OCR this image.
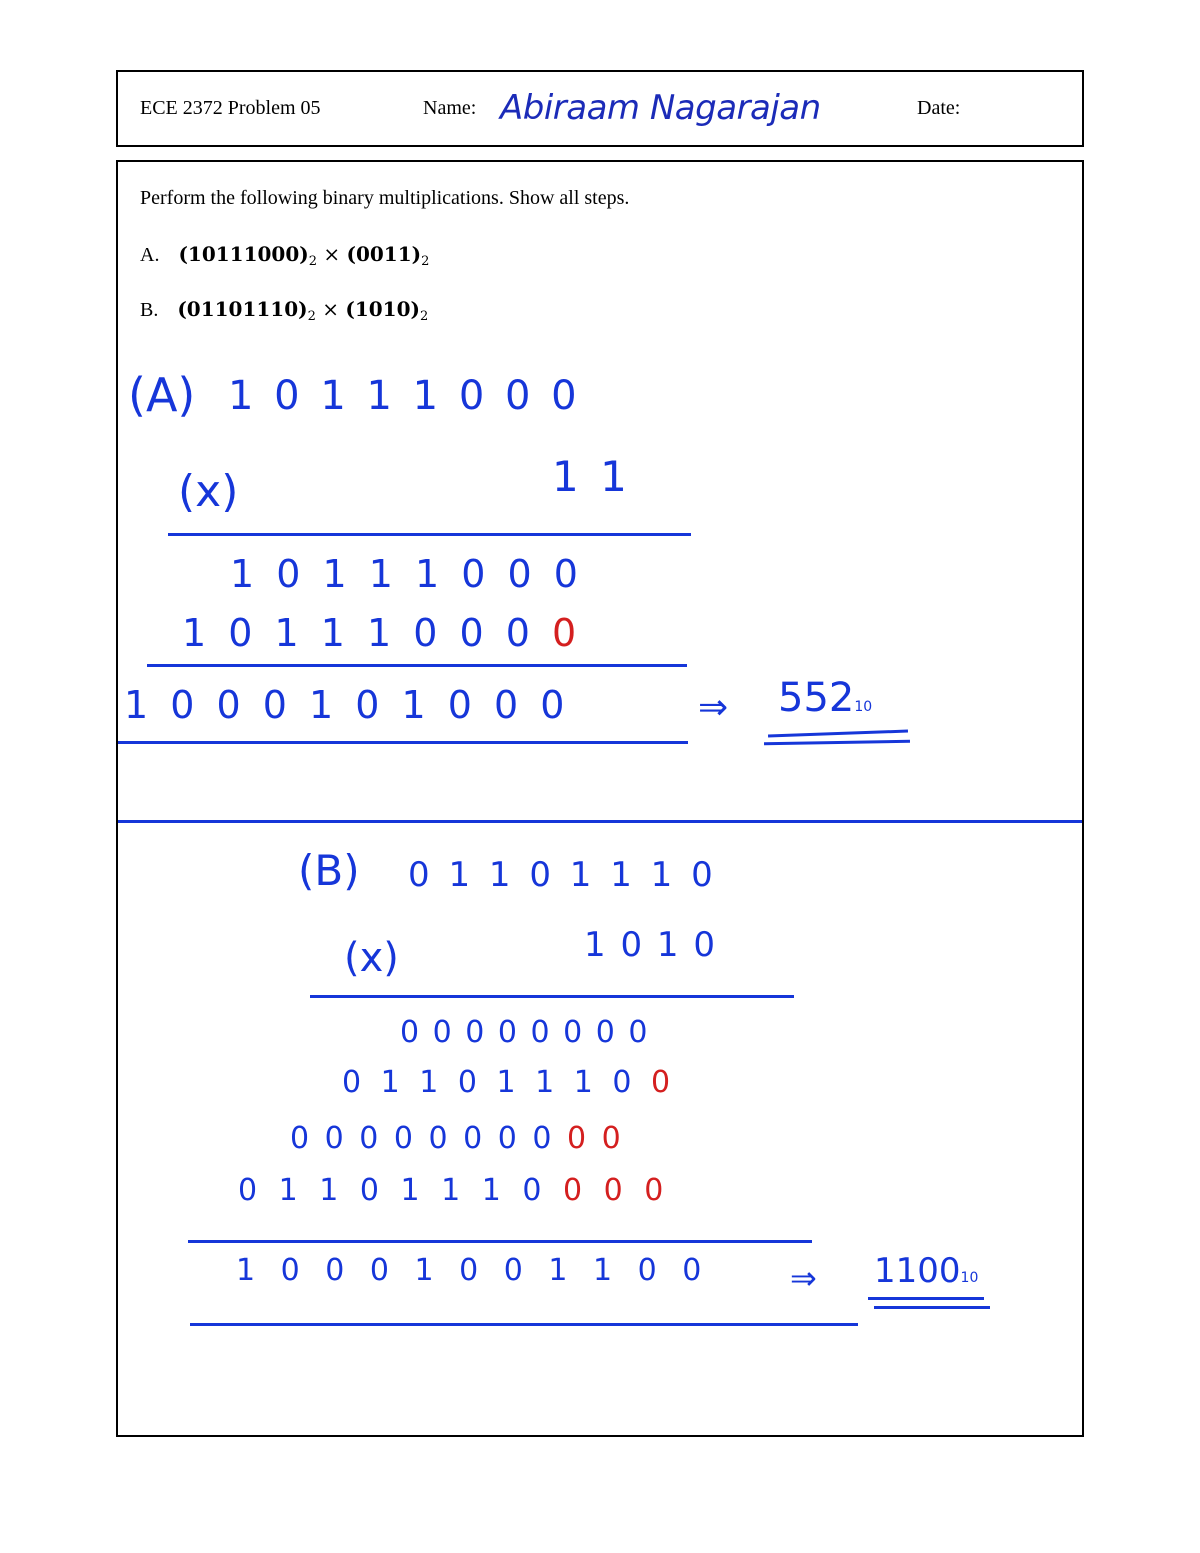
ECE 2372 Problem 05	Name: Abiraam Nagarajan	Date:
Perform the following binary multiplications. Show all steps.
A. $(10111000)_2 \times (0011)_2$
B. $(01101110)_2 \times (1010)_2$
(A) 1 0 1 1 1 0 0 0
(x)	1 1
1 0 1 1 1 0 0 0
1 0 1 1 1 0 0 0 0
1 0 0 0 1 0 1 0 0 0	⇒ 55210
(B) 0 1 1 0 1 1 1 0
(x)	1 0 1 0
0 0 0 0 0 0 0 0
0 1 1 0 1 1 1 0 0
0 0 0 0 0 0 0 0 0 0
0 1 1 0 1 1 1 0 0 0 0
1 0 0 0 1 0 0 1 1 0 0	⇒ 110010
